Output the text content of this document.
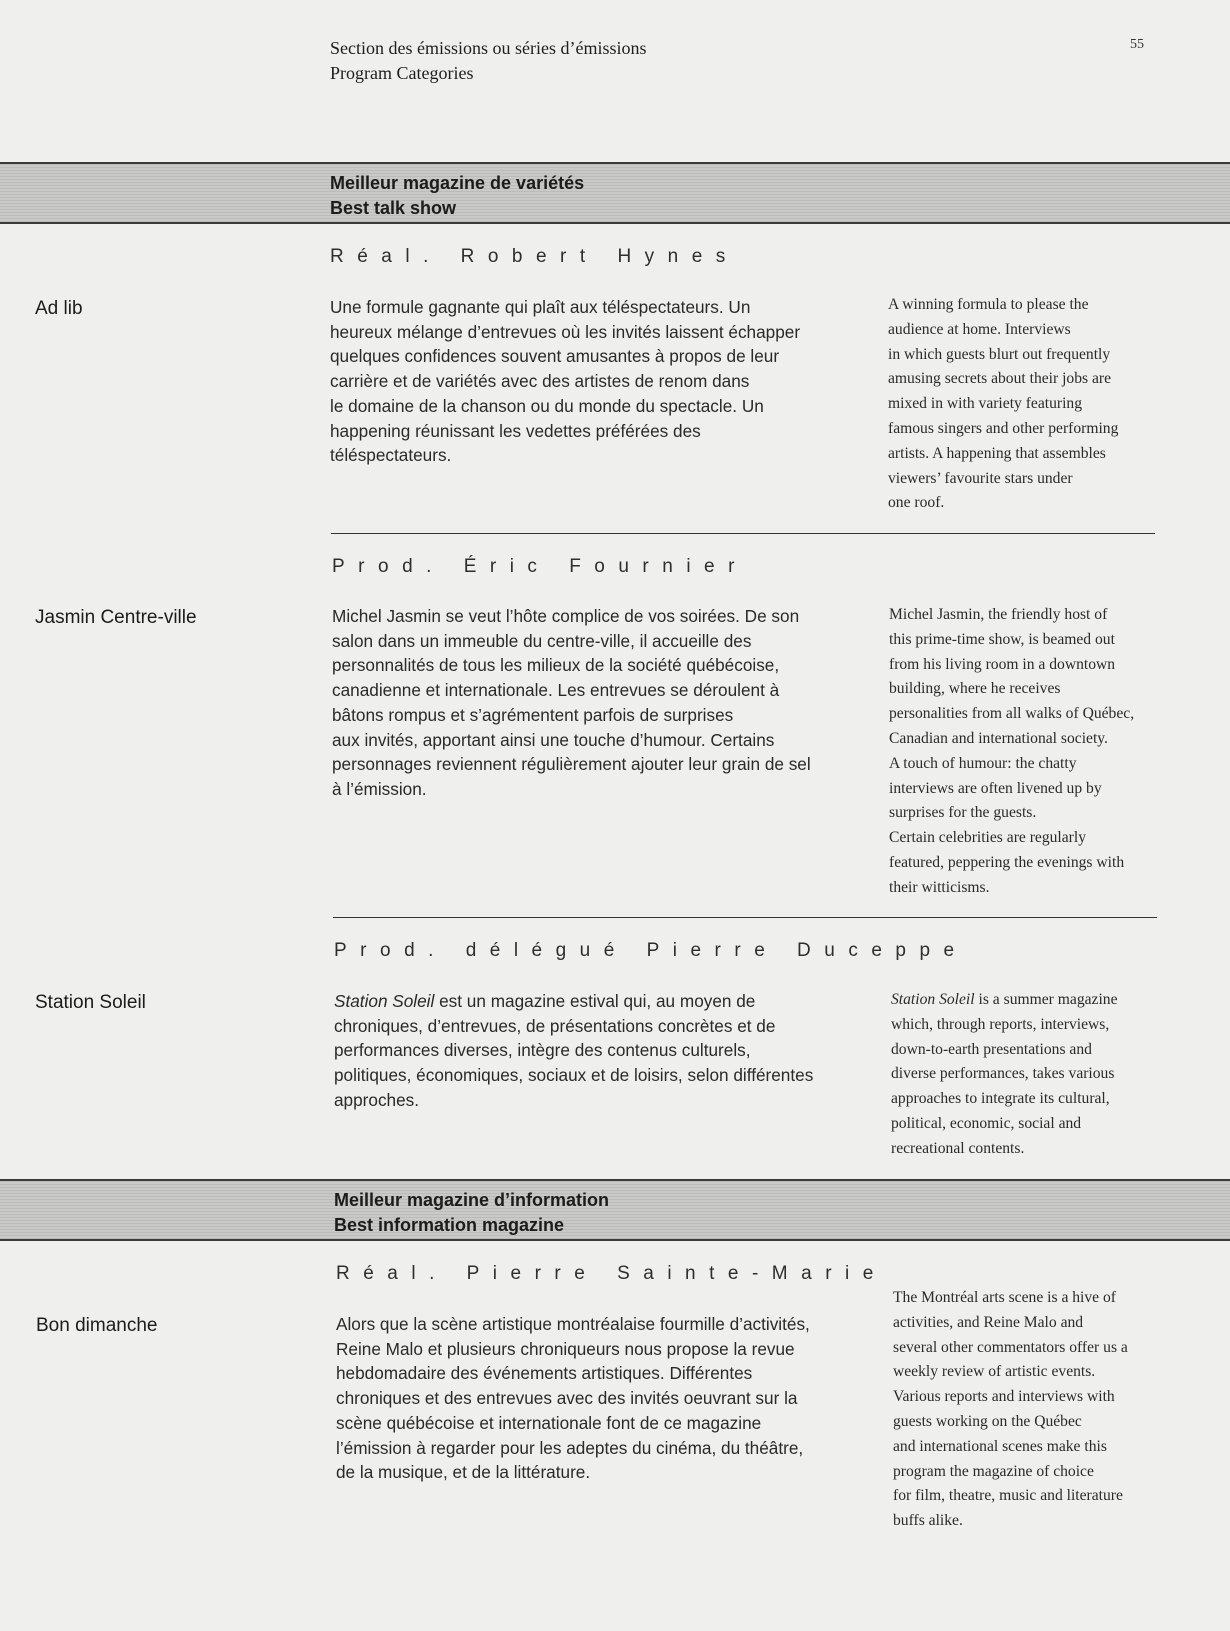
Section des émissions ou séries d’émissions
Program Categories
55
Meilleur magazine de variétés
Best talk show
Réal. Robert Hynes
Ad lib	Une formule gagnante qui plaît aux téléspectateurs. Un
heureux mélange d’entrevues où les invités laissent échapper
quelques confidences souvent amusantes à propos de leur
carrière et de variétés avec des artistes de renom dans
le domaine de la chanson ou du monde du spectacle. Un
happening réunissant les vedettes préférées des
téléspectateurs.
A winning formula to please the
audience at home. Interviews
in which guests blurt out frequently
amusing secrets about their jobs are
mixed in with variety featuring
famous singers and other performing
artists. A happening that assembles
viewers’ favourite stars under
one roof.
Prod. Éric Fournier
Jasmin Centre-ville	Michel Jasmin se veut l’hôte complice de vos soirées. De son
salon dans un immeuble du centre-ville, il accueille des
personnalités de tous les milieux de la société québécoise,
canadienne et internationale. Les entrevues se déroulent à
bâtons rompus et s’agrémentent parfois de surprises
aux invités, apportant ainsi une touche d’humour. Certains
personnages reviennent régulièrement ajouter leur grain de sel
à l’émission.
Michel Jasmin, the friendly host of
this prime-time show, is beamed out
from his living room in a downtown
building, where he receives
personalities from all walks of Québec,
Canadian and international society.
A touch of humour: the chatty
interviews are often livened up by
surprises for the guests.
Certain celebrities are regularly
featured, peppering the evenings with
their witticisms.
Prod. délégué Pierre Duceppe
Station Soleil	Station Soleil est un magazine estival qui, au moyen de
chroniques, d’entrevues, de présentations concrètes et de
performances diverses, intègre des contenus culturels,
politiques, économiques, sociaux et de loisirs, selon différentes
approches.
Station Soleil is a summer magazine
which, through reports, interviews,
down-to-earth presentations and
diverse performances, takes various
approaches to integrate its cultural,
political, economic, social and
recreational contents.
Meilleur magazine d’information
Best information magazine
Réal. Pierre Sainte-Marie
Bon dimanche	Alors que la scène artistique montréalaise fourmille d’activités,
Reine Malo et plusieurs chroniqueurs nous propose la revue
hebdomadaire des événements artistiques. Différentes
chroniques et des entrevues avec des invités oeuvrant sur la
scène québécoise et internationale font de ce magazine
l’émission à regarder pour les adeptes du cinéma, du théâtre,
de la musique, et de la littérature.
The Montréal arts scene is a hive of
activities, and Reine Malo and
several other commentators offer us a
weekly review of artistic events.
Various reports and interviews with
guests working on the Québec
and international scenes make this
program the magazine of choice
for film, theatre, music and literature
buffs alike.
